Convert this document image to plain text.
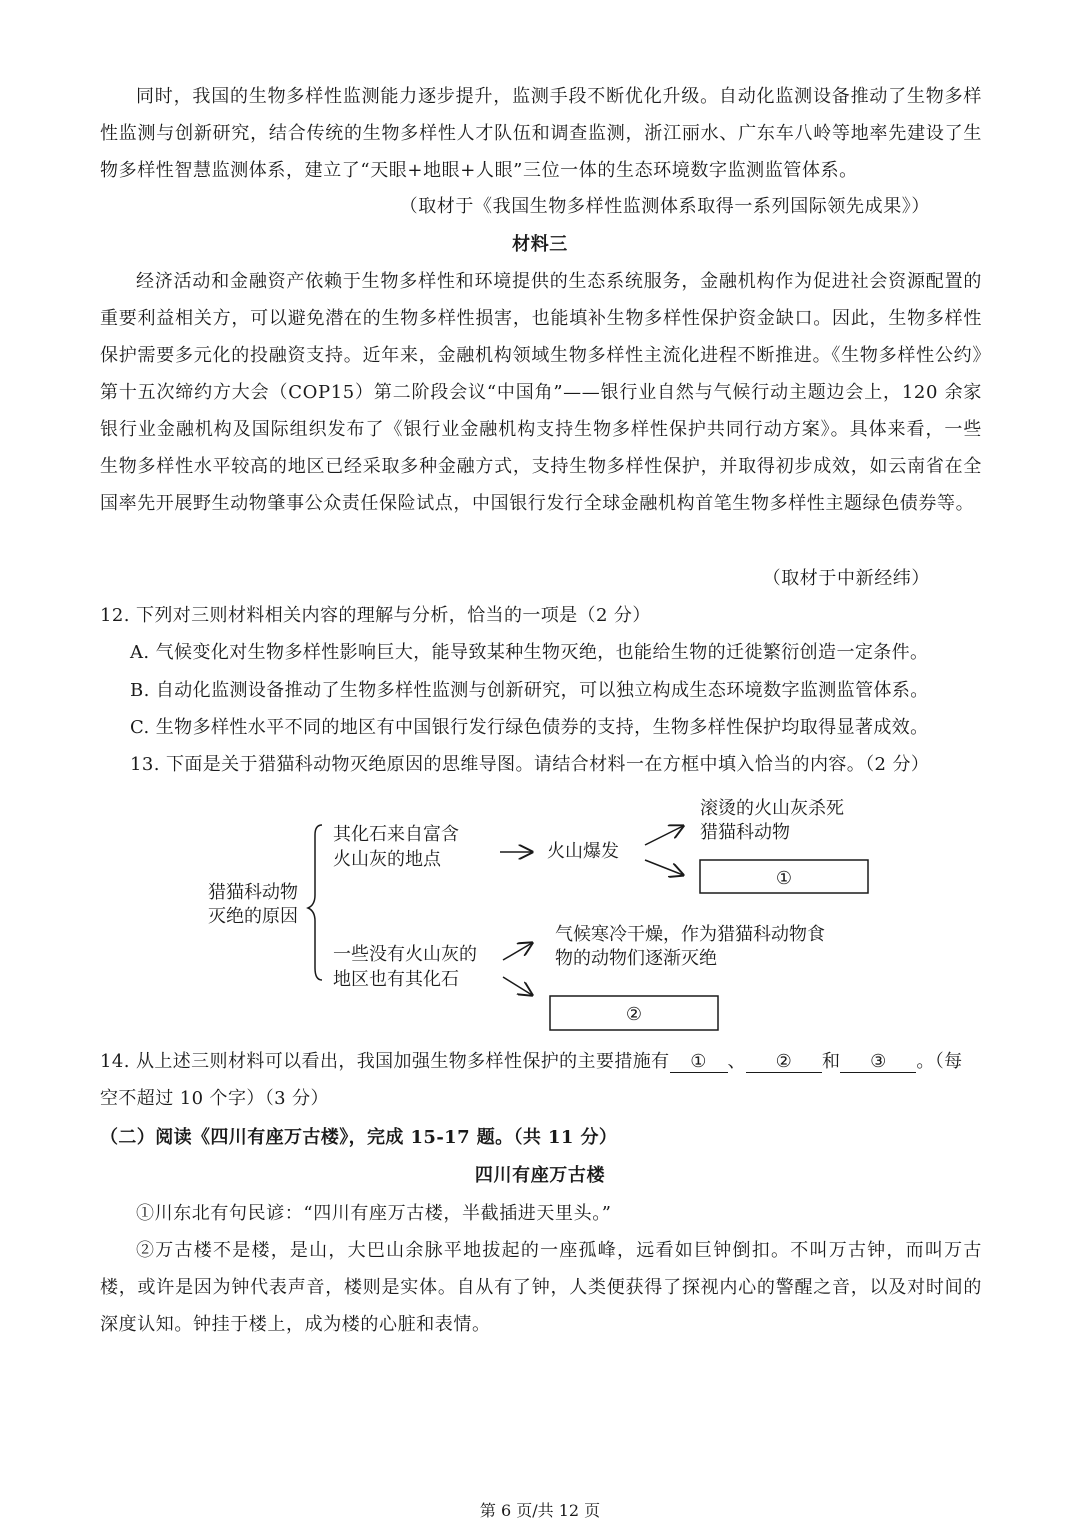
同时，我国的生物多样性监测能力逐步提升，监测手段不断优化升级。自动化监测设备推动了生物多样性监测与创新研究，结合传统的生物多样性人才队伍和调查监测，浙江丽水、广东车八岭等地率先建设了生物多样性智慧监测体系，建立了“天眼+地眼+人眼”三位一体的生态环境数字监测监管体系。
（取材于《我国生物多样性监测体系取得一系列国际领先成果》）
材料三
经济活动和金融资产依赖于生物多样性和环境提供的生态系统服务，金融机构作为促进社会资源配置的重要利益相关方，可以避免潜在的生物多样性损害，也能填补生物多样性保护资金缺口。因此，生物多样性保护需要多元化的投融资支持。近年来，金融机构领域生物多样性主流化进程不断推进。《生物多样性公约》第十五次缔约方大会（COP15）第二阶段会议“中国角”——银行业自然与气候行动主题边会上，120 余家银行业金融机构及国际组织发布了《银行业金融机构支持生物多样性保护共同行动方案》。具体来看，一些生物多样性水平较高的地区已经采取多种金融方式，支持生物多样性保护，并取得初步成效，如云南省在全国率先开展野生动物肇事公众责任保险试点，中国银行发行全球金融机构首笔生物多样性主题绿色债券等。
（取材于中新经纬）
12. 下列对三则材料相关内容的理解与分析，恰当的一项是（2 分）
A. 气候变化对生物多样性影响巨大，能导致某种生物灭绝，也能给生物的迁徙繁衍创造一定条件。
B. 自动化监测设备推动了生物多样性监测与创新研究，可以独立构成生态环境数字监测监管体系。
C. 生物多样性水平不同的地区有中国银行发行绿色债券的支持，生物多样性保护均取得显著成效。
13. 下面是关于猎猫科动物灭绝原因的思维导图。请结合材料一在方框中填入恰当的内容。（2 分）
猎猫科动物
灭绝的原因
其化石来自富含
火山灰的地点	火山爆发
滚烫的火山灰杀死
猎猫科动物
①
一些没有火山灰的
地区也有其化石
气候寒冷干燥，作为猎猫科动物食
物的动物们逐渐灭绝
②
14. 从上述三则材料可以看出，我国加强生物多样性保护的主要措施有 ① 、 ② 和 ③ 。（每
空不超过 10 个字）（3 分）
（二）阅读《四川有座万古楼》，完成 15-17 题。（共 11 分）
四川有座万古楼
①川东北有句民谚：“四川有座万古楼，半截插进天里头。”
②万古楼不是楼，是山，大巴山余脉平地拔起的一座孤峰，远看如巨钟倒扣。不叫万古钟，而叫万古楼，或许是因为钟代表声音，楼则是实体。自从有了钟，人类便获得了探视内心的警醒之音，以及对时间的深度认知。钟挂于楼上，成为楼的心脏和表情。
第 6 页/共 12 页
